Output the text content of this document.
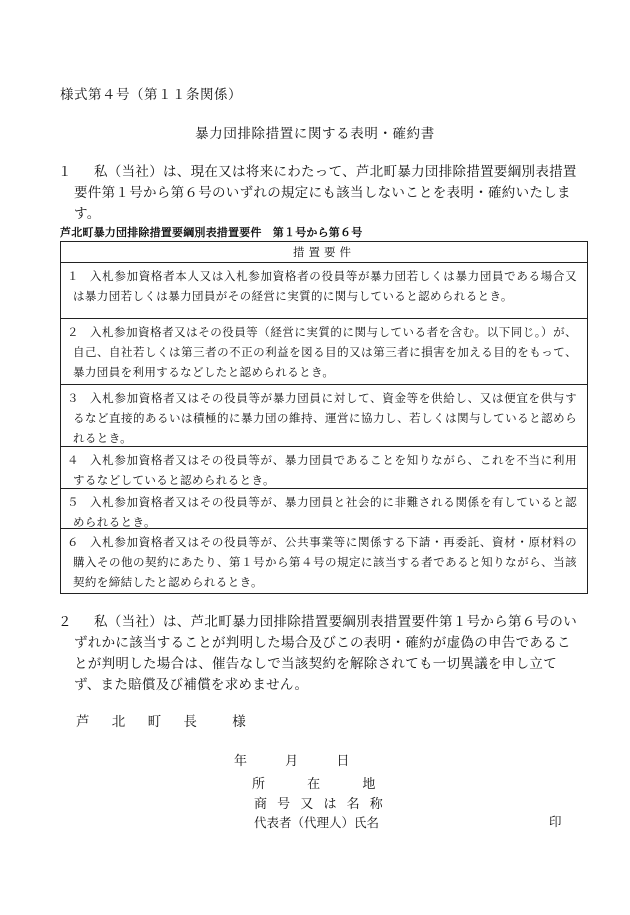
様式第４号（第１１条関係）
暴力団排除措置に関する表明・確約書
１	私（当社）は、現在又は将来にわたって、芦北町暴力団排除措置要綱別表措置要件第１号から第６号のいずれの規定にも該当しないことを表明・確約いたします。
芦北町暴力団排除措置要綱別表措置要件　第１号から第６号
措置要件
１ 入札参加資格者本人又は入札参加資格者の役員等が暴力団若しくは暴力団員である場合又は暴力団若しくは暴力団員がその経営に実質的に関与していると認められるとき。
２ 入札参加資格者又はその役員等（経営に実質的に関与している者を含む。以下同じ。）が、自己、自社若しくは第三者の不正の利益を図る目的又は第三者に損害を加える目的をもって、暴力団員を利用するなどしたと認められるとき。
３ 入札参加資格者又はその役員等が暴力団員に対して、資金等を供給し、又は便宜を供与するなど直接的あるいは積極的に暴力団の維持、運営に協力し、若しくは関与していると認められるとき。
４ 入札参加資格者又はその役員等が、暴力団員であることを知りながら、これを不当に利用するなどしていると認められるとき。
５ 入札参加資格者又はその役員等が、暴力団員と社会的に非難される関係を有していると認められるとき。
６ 入札参加資格者又はその役員等が、公共事業等に関係する下請・再委託、資材・原材料の購入その他の契約にあたり、第１号から第４号の規定に該当する者であると知りながら、当該契約を締結したと認められるとき。
２	私（当社）は、芦北町暴力団排除措置要綱別表措置要件第１号から第６号のいずれかに該当することが判明した場合及びこの表明・確約が虚偽の申告であることが判明した場合は、催告なしで当該契約を解除されても一切異議を申し立てず、また賠償及び補償を求めません。
芦 北 町 長	様
年	月	日
所	在	地
商 号 又 は 名 称
代表者（代理人）氏名	印
